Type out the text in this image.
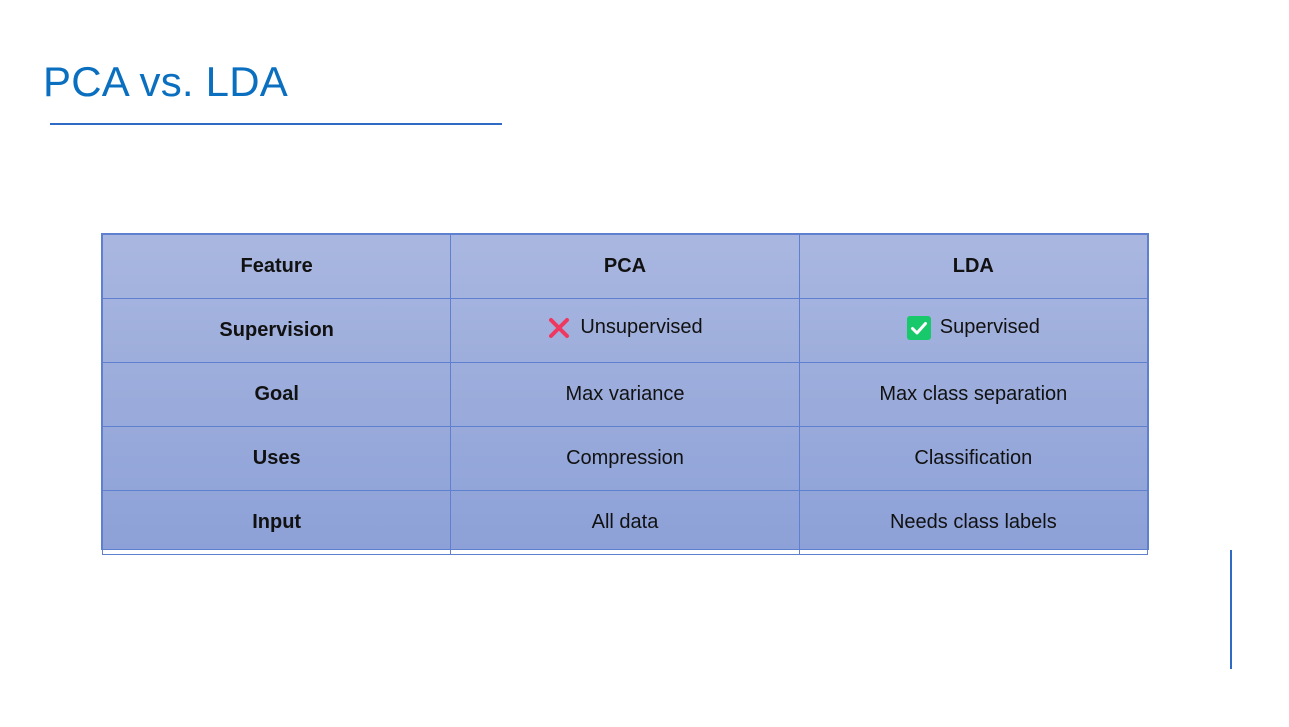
PCA vs. LDA
Feature	PCA	LDA
Supervision	Unsupervised	Supervised

Goal	Max variance	Max class separation
Uses	Compression	Classification
Input	All data	Needs class labels
